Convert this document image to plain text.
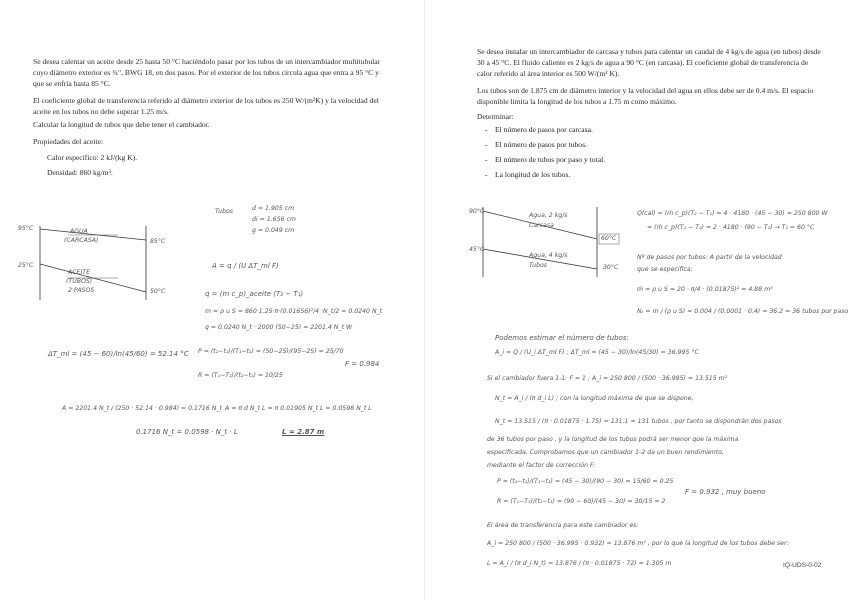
Se desea calentar un aceite desde 25 hasta 50 °C haciéndolo pasar por los tubos de un intercambiador multitubular cuyo diámetro exterior es ¾", BWG 18, en dos pasos. Por el exterior de los tubos circula agua que entra a 95 °C y que se enfría hasta 85 °C.

El coeficiente global de transferencia referido al diámetro exterior de los tubos es 250 W/(m²K) y la velocidad del aceite en los tubos no debe superar 1.25 m/s.

Calcular la longitud de tubos que debe tener el cambiador.

Propiedades del aceite:

Calor específico: 2 kJ/(kg K).

Densidad: 860 kg/m³.

95°C
85°C
25°C
50°C
AGUA
(CARCASA)
ACEITE
(TUBOS)
2 PASOS
Tubos	d = 1.905 cm
di = 1.656 cm
g = 0.049 cm
A = q / (U ΔT_ml F)
q = (m c_p)_aceite (T₂ − T₁)
m = ρ u S = 860·1.25·π·(0.01656)²/4 ·N_t/2 = 0.0240 N_t
q = 0.0240 N_t · 2000 (50−25) = 2201.4 N_t W
ΔT_ml = (45 − 60)/ln(45/60) = 52.14 °C P = (t₂−t₁)/(T₁−t₁) = (50−25)/(95−25) = 25/70
R = (T₁−T₂)/(t₂−t₁) = 10/25
F = 0.984
A = 2201.4 N_t / (250 · 52.14 · 0.984) = 0.1716 N_t A = π d N_t L = π 0.01905 N_t L = 0.0598 N_t L
0.1716 N_t = 0.0598 · N_t · L	L = 2.87 m

Se desea instalar un intercambiador de carcasa y tubos para calentar un caudal de 4 kg/s de agua (en tubos) desde 30 a 45 °C. El fluido caliente es 2 kg/s de agua a 90 °C (en carcasa). El coeficiente global de transferencia de calor referido al área interior es 500 W/(m² K).

Los tubos son de 1.875 cm de diámetro interior y la velocidad del agua en ellos debe ser de 0.4 m/s. El espacio disponible limita la longitud de los tubos a 1.75 m como máximo.

Determinar:

- El número de pasos por carcasa.
- El número de pasos por tubos.
- El número de tubos por paso y total.
- La longitud de los tubos.
90°C
45°C
30°C
60°C
Agua, 2 kg/s
Carcasa
Agua, 4 kg/s
Tubos
Q(cal) = (ṁ c_p)(T₂ − T₁) = 4 · 4180 · (45 − 30) = 250 800 W
= (ṁ c_p)(T₁ − T₂) = 2 · 4180 · (90 − T₂) → T₂ = 60 °C
Nº de pasos por tubos: A partir de la velocidad
que se especifica:
ṁ = ρ u S = 20 · π/4 · (0.01875)² = 4.88 m³
Nₜ = m / (ρ u S) = 0.004 / (0.0001 · 0.4) = 36.2 ≈ 36 tubos por paso
Podemos estimar el número de tubos:
A_i = Q / (U_i ΔT_ml F) ; ΔT_ml = (45 − 30)/ln(45/30) = 36.995 °C
Si el cambiador fuera 1-1: F = 1 ; A_i = 250 800 / (500 · 36.995) = 13.515 m²
N_t = A_i / (π d_i L) ; con la longitud máxima de que se dispone,
N_t = 13.515 / (π · 0.01875 · 1.75) = 131.1 ≈ 131 tubos , por tanto se dispondrán dos pasos
de 36 tubos por paso , y la longitud de los tubos podrá ser menor que la máxima
especificada. Comprobamos que un cambiador 1-2 da un buen rendimiento,
mediante el factor de corrección F:
P = (t₂−t₁)/(T₁−t₁) = (45 − 30)/(90 − 30) = 15/60 = 0.25
R = (T₁−T₂)/(t₂−t₁) = (90 − 60)/(45 − 30) = 30/15 = 2
F = 0.932 , muy bueno
El área de transferencia para este cambiador es:
A_i = 250 800 / (500 · 36.995 · 0.932) = 13.876 m² , por lo que la longitud de los tubos debe ser:
L = A_i / (π d_i N_t) = 13.876 / (π · 0.01875 · 72) = 1.305 m	IQ-UDS-0-02
